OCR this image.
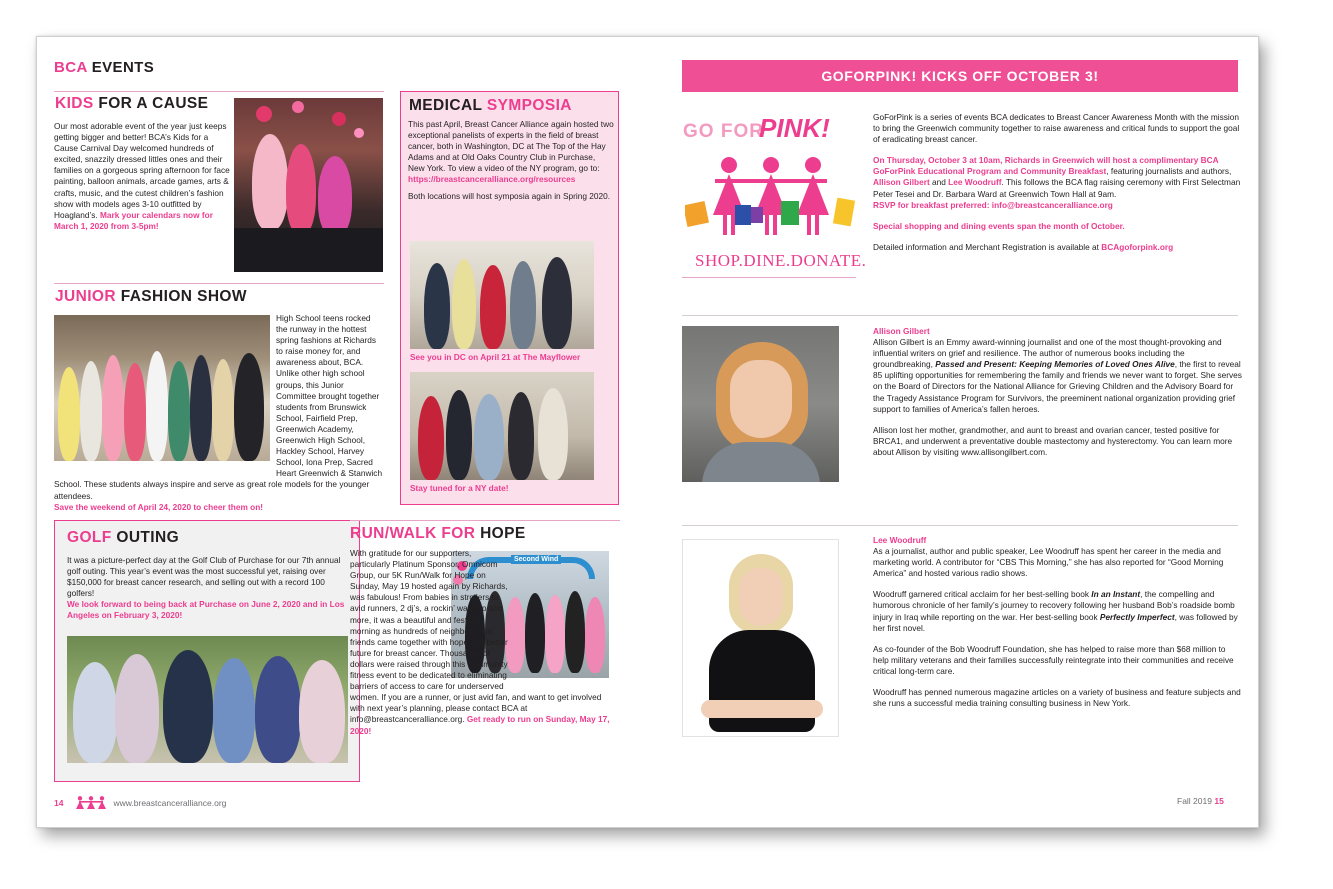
BCA EVENTS
KIDS FOR A CAUSE
Our most adorable event of the year just keeps getting bigger and better! BCA’s Kids for a Cause Carnival Day welcomed hundreds of excited, snazzily dressed littles ones and their families on a gorgeous spring afternoon for face painting, balloon animals, arcade games, arts & crafts, music, and the cutest children’s fashion show with models ages 3-10 outfitted by Hoagland’s. Mark your calendars now for March 1, 2020 from 3-5pm!
MEDICAL SYMPOSIA
This past April, Breast Cancer Alliance again hosted two exceptional panelists of experts in the field of breast cancer, both in Washington, DC at The Top of the Hay Adams and at Old Oaks Country Club in Purchase, New York. To view a video of the NY program, go to:
https://breastcanceralliance.org/resources
Both locations will host symposia again in Spring 2020.
See you in DC on April 21 at The Mayflower
Stay tuned for a NY date!
JUNIOR FASHION SHOW
High School teens rocked the runway in the hottest spring fashions at Richards to raise money for, and awareness about, BCA. Unlike other high school groups, this Junior Committee brought together students from Brunswick School, Fairfield Prep, Greenwich Academy, Greenwich High School, Hackley School, Harvey School, Iona Prep, Sacred Heart Greenwich & Stanwich School. These students always inspire and serve as great role models for the younger attendees.
Save the weekend of April 24, 2020 to cheer them on!
GOLF OUTING
It was a picture-perfect day at the Golf Club of Purchase for our 7th annual golf outing. This year’s event was the most successful yet, raising over $150,000 for breast cancer research, and selling out with a record 100 golfers!
We look forward to being back at Purchase on June 2, 2020 and in Los Angeles on February 3, 2020!
RUN/WALK FOR HOPE
Second Wind
With gratitude for our supporters, particularly Platinum Sponsor, Omnicom Group, our 5K Run/Walk for Hope on Sunday, May 19 hosted again by Richards, was fabulous! From babies in strollers to avid runners, 2 dj’s, a rockin’ warmup and more, it was a beautiful and festive morning as hundreds of neighbors and friends came together with hope of a better future for breast cancer. Thousands of dollars were raised through this community fitness event to be dedicated to eliminating barriers of access to care for underserved women. If you are a runner, or just avid fan, and want to get involved with next year’s planning, please contact BCA at info@breastcanceralliance.org. Get ready to run on Sunday, May 17, 2020!
14	www.breastcanceralliance.org
GOFORPINK! KICKS OFF OCTOBER 3!
GO FOR
PINK!
SHOP.DINE.DONATE.

GoForPink is a series of events BCA dedicates to Breast Cancer Awareness Month with the mission to bring the Greenwich community together to raise awareness and critical funds to support the goal of eradicating breast cancer.

On Thursday, October 3 at 10am, Richards in Greenwich will host a complimentary BCA GoForPink Educational Program and Community Breakfast, featuring journalists and authors, Allison Gilbert and Lee Woodruff. This follows the BCA flag raising ceremony with First Selectman Peter Tesei and Dr. Barbara Ward at Greenwich Town Hall at 9am.
RSVP for breakfast preferred: info@breastcanceralliance.org

Special shopping and dining events span the month of October.

Detailed information and Merchant Registration is available at BCAgoforpink.org

Allison Gilbert

Allison Gilbert is an Emmy award-winning journalist and one of the most thought-provoking and influential writers on grief and resilience. The author of numerous books including the groundbreaking, Passed and Present: Keeping Memories of Loved Ones Alive, the first to reveal 85 uplifting opportunities for remembering the family and friends we never want to forget. She serves on the Board of Directors for the National Alliance for Grieving Children and the Advisory Board for the Tragedy Assistance Program for Survivors, the preeminent national organization providing grief support to families of America’s fallen heroes.

Allison lost her mother, grandmother, and aunt to breast and ovarian cancer, tested positive for BRCA1, and underwent a preventative double mastectomy and hysterectomy. You can learn more about Allison by visiting www.allisongilbert.com.

Lee Woodruff

As a journalist, author and public speaker, Lee Woodruff has spent her career in the media and marketing world. A contributor for “CBS This Morning,” she has also reported for “Good Morning America” and hosted various radio shows.

Woodruff garnered critical acclaim for her best-selling book In an Instant, the compelling and humorous chronicle of her family’s journey to recovery following her husband Bob’s roadside bomb injury in Iraq while reporting on the war. Her best-selling book Perfectly Imperfect, was followed by her first novel.

As co-founder of the Bob Woodruff Foundation, she has helped to raise more than $68 million to help military veterans and their families successfully reintegrate into their communities and receive critical long-term care.

Woodruff has penned numerous magazine articles on a variety of business and feature subjects and she runs a successful media training consulting business in New York.

Fall 2019 15
